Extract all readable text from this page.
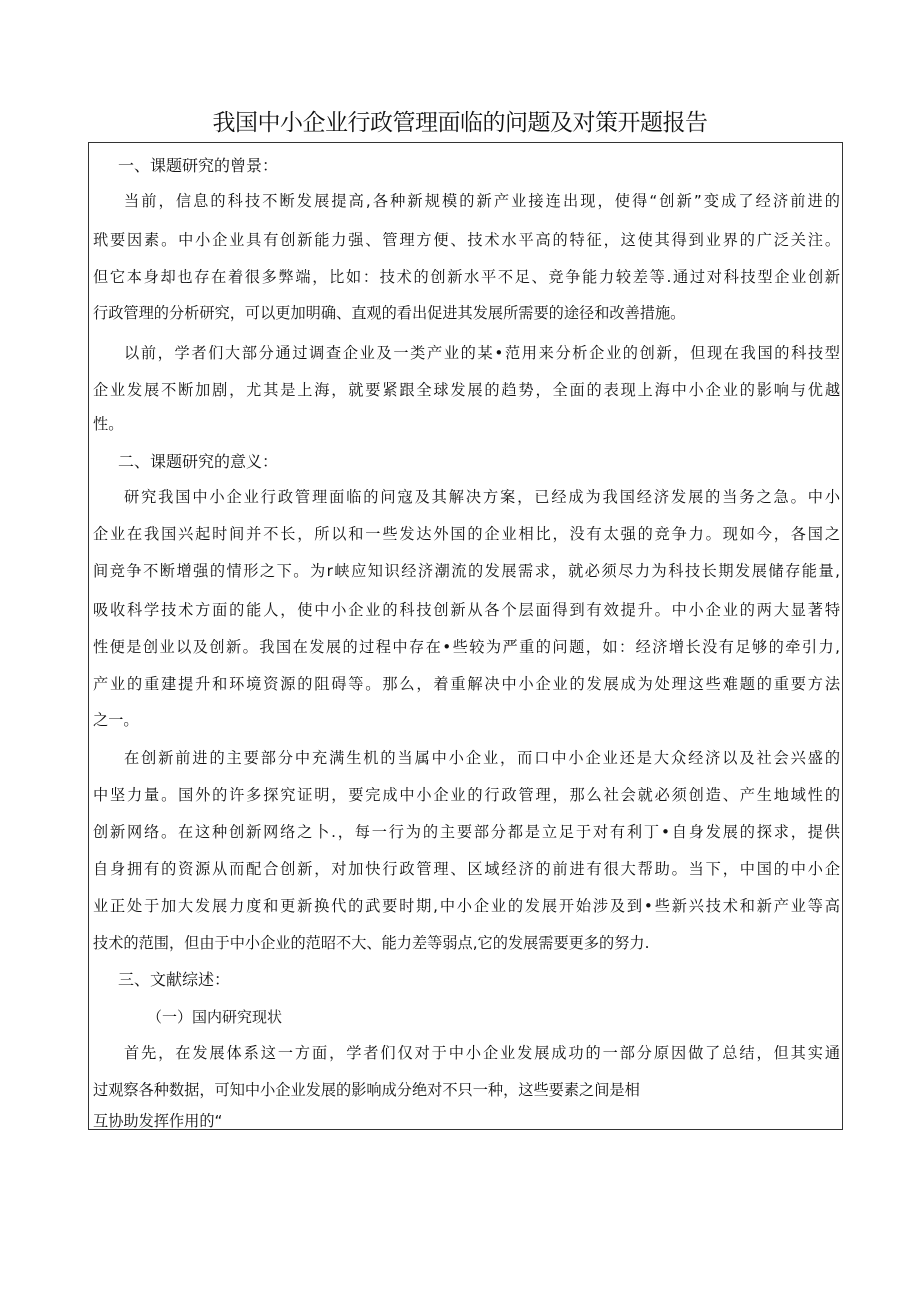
我国中小企业行政管理面临的问题及对策开题报告
一、课题研究的曾景：
当前，信息的科技不断发展提高,各种新规模的新产业接连出现，使得“创新”变成了经济前进的
玳要因素。中小企业具有创新能力强、管理方便、技术水平高的特征，这使其得到业界的广泛关注。
但它本身却也存在着很多弊端，比如：技术的创新水平不足、竞争能力较差等.通过对科技型企业创新
行政管理的分析研究，可以更加明确、直观的看出促进其发展所需要的途径和改善措施。
以前，学者们大部分通过调查企业及一类产业的某•范用来分析企业的创新，但现在我国的科技型
企业发展不断加剧，尤其是上海，就要紧跟全球发展的趋势，全面的表现上海中小企业的影响与优越
性。
二、课题研究的意义：
研究我国中小企业行政管理面临的问寇及其解决方案，已经成为我国经济发展的当务之急。中小
企业在我国兴起时间并不长，所以和一些发达外国的企业相比，没有太强的竞争力。现如今，各国之
间竞争不断增强的情形之下。为r峡应知识经济潮流的发展需求，就必须尽力为科技长期发展储存能量,
吸收科学技术方面的能人，使中小企业的科技创新从各个层面得到有效提升。中小企业的两大显著特
性便是创业以及创新。我国在发展的过程中存在•些较为严重的问题，如：经济增长没有足够的牵引力,
产业的重建提升和环境资源的阻碍等。那么，着重解决中小企业的发展成为处理这些难题的重要方法
之一。
在创新前进的主要部分中充满生机的当属中小企业，而口中小企业还是大众经济以及社会兴盛的
中坚力量。国外的许多探究证明，要完成中小企业的行政管理，那么社会就必须创造、产生地域性的
创新网络。在这种创新网络之卜.，每一行为的主要部分都是立足于对有利丁•自身发展的探求，提供
自身拥有的资源从而配合创新，对加快行政管理、区域经济的前进有很大帮助。当下，中国的中小企
业正处于加大发展力度和更新换代的武要时期,中小企业的发展开始涉及到•些新兴技术和新产业等高
技术的范围，但由于中小企业的范昭不大、能力差等弱点,它的发展需要更多的努力.
三、文献综述：
（一）国内研究现状
首先，在发展体系这一方面，学者们仅对于中小企业发展成功的一部分原因做了总结，但其实通
过观察各种数据，可知中小企业发展的影响成分绝对不只一种，这些要素之间是相
互协助发挥作用的“
